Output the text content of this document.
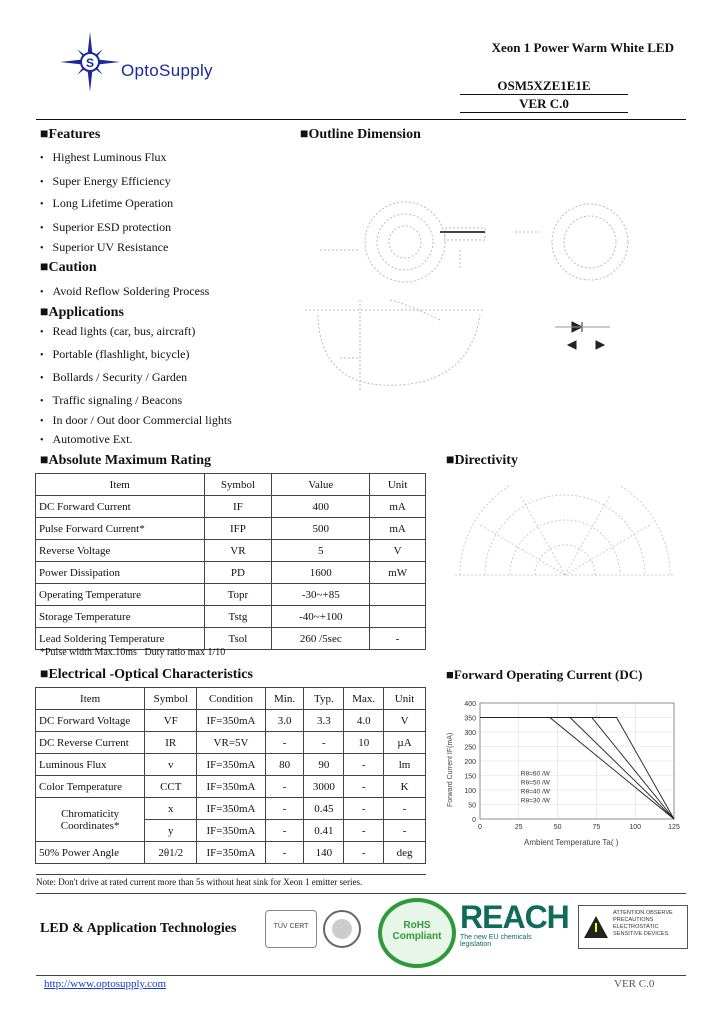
S OptoSupply
Xeon 1 Power Warm White LED
OSM5XZE1E1E
VER C.0
■Features
• Highest Luminous Flux
• Super Energy Efficiency
• Long Lifetime Operation
• Superior ESD protection
• Superior UV Resistance
■Caution
• Avoid Reflow Soldering Process
■Applications
• Read lights (car, bus, aircraft)
• Portable (flashlight, bicycle)
• Bollards / Security / Garden
• Traffic signaling / Beacons
• In door / Out door Commercial lights
• Automotive Ext.
■Outline Dimension
■Absolute Maximum Rating
Item	Symbol	Value	Unit
DC Forward Current	IF	400	mA
Pulse Forward Current*	IFP	500	mA
Reverse Voltage	VR	5	V
Power Dissipation	PD	1600	mW
Operating Temperature	Topr	-30~+85	
Storage Temperature	Tstg	-40~+100	
Lead Soldering Temperature	Tsol	260 /5sec	-
*Pulse width Max.10ms   Duty ratio max 1/10
■Directivity
■Electrical -Optical Characteristics
Item	Symbol	Condition	Min.	Typ.	Max.	Unit
DC Forward Voltage	VF	IF=350mA	3.0	3.3	4.0	V
DC Reverse Current	IR	VR=5V	-	-	10	µA
Luminous Flux	v	IF=350mA	80	90	-	lm
Color Temperature	CCT	IF=350mA	-	3000	-	K
Chromaticity Coordinates*	x	IF=350mA	-	0.45	-	-
	y	IF=350mA	-	0.41	-	-
50% Power Angle	2θ1/2	IF=350mA	-	140	-	deg
Note: Don't drive at rated current more than 5s without heat sink for Xeon 1 emitter series.
■Forward Operating Current (DC)
0
50
100
150
200
250
300
350
400
0	25	50	75	100	125
Rθ=60 /W
Rθ=50 /W
Rθ=40 /W
Rθ=30 /W
Forward Current IF(mA)
Ambient Temperature Ta( )
LED & Application Technologies	TÜV CERT	RoHS Compliant
REACH
The new EU chemicals legislation
ATTENTION OBSERVE PRECAUTIONS ELECTROSTATIC SENSITIVE DEVICES
http://www.optosupply.com	VER C.0
